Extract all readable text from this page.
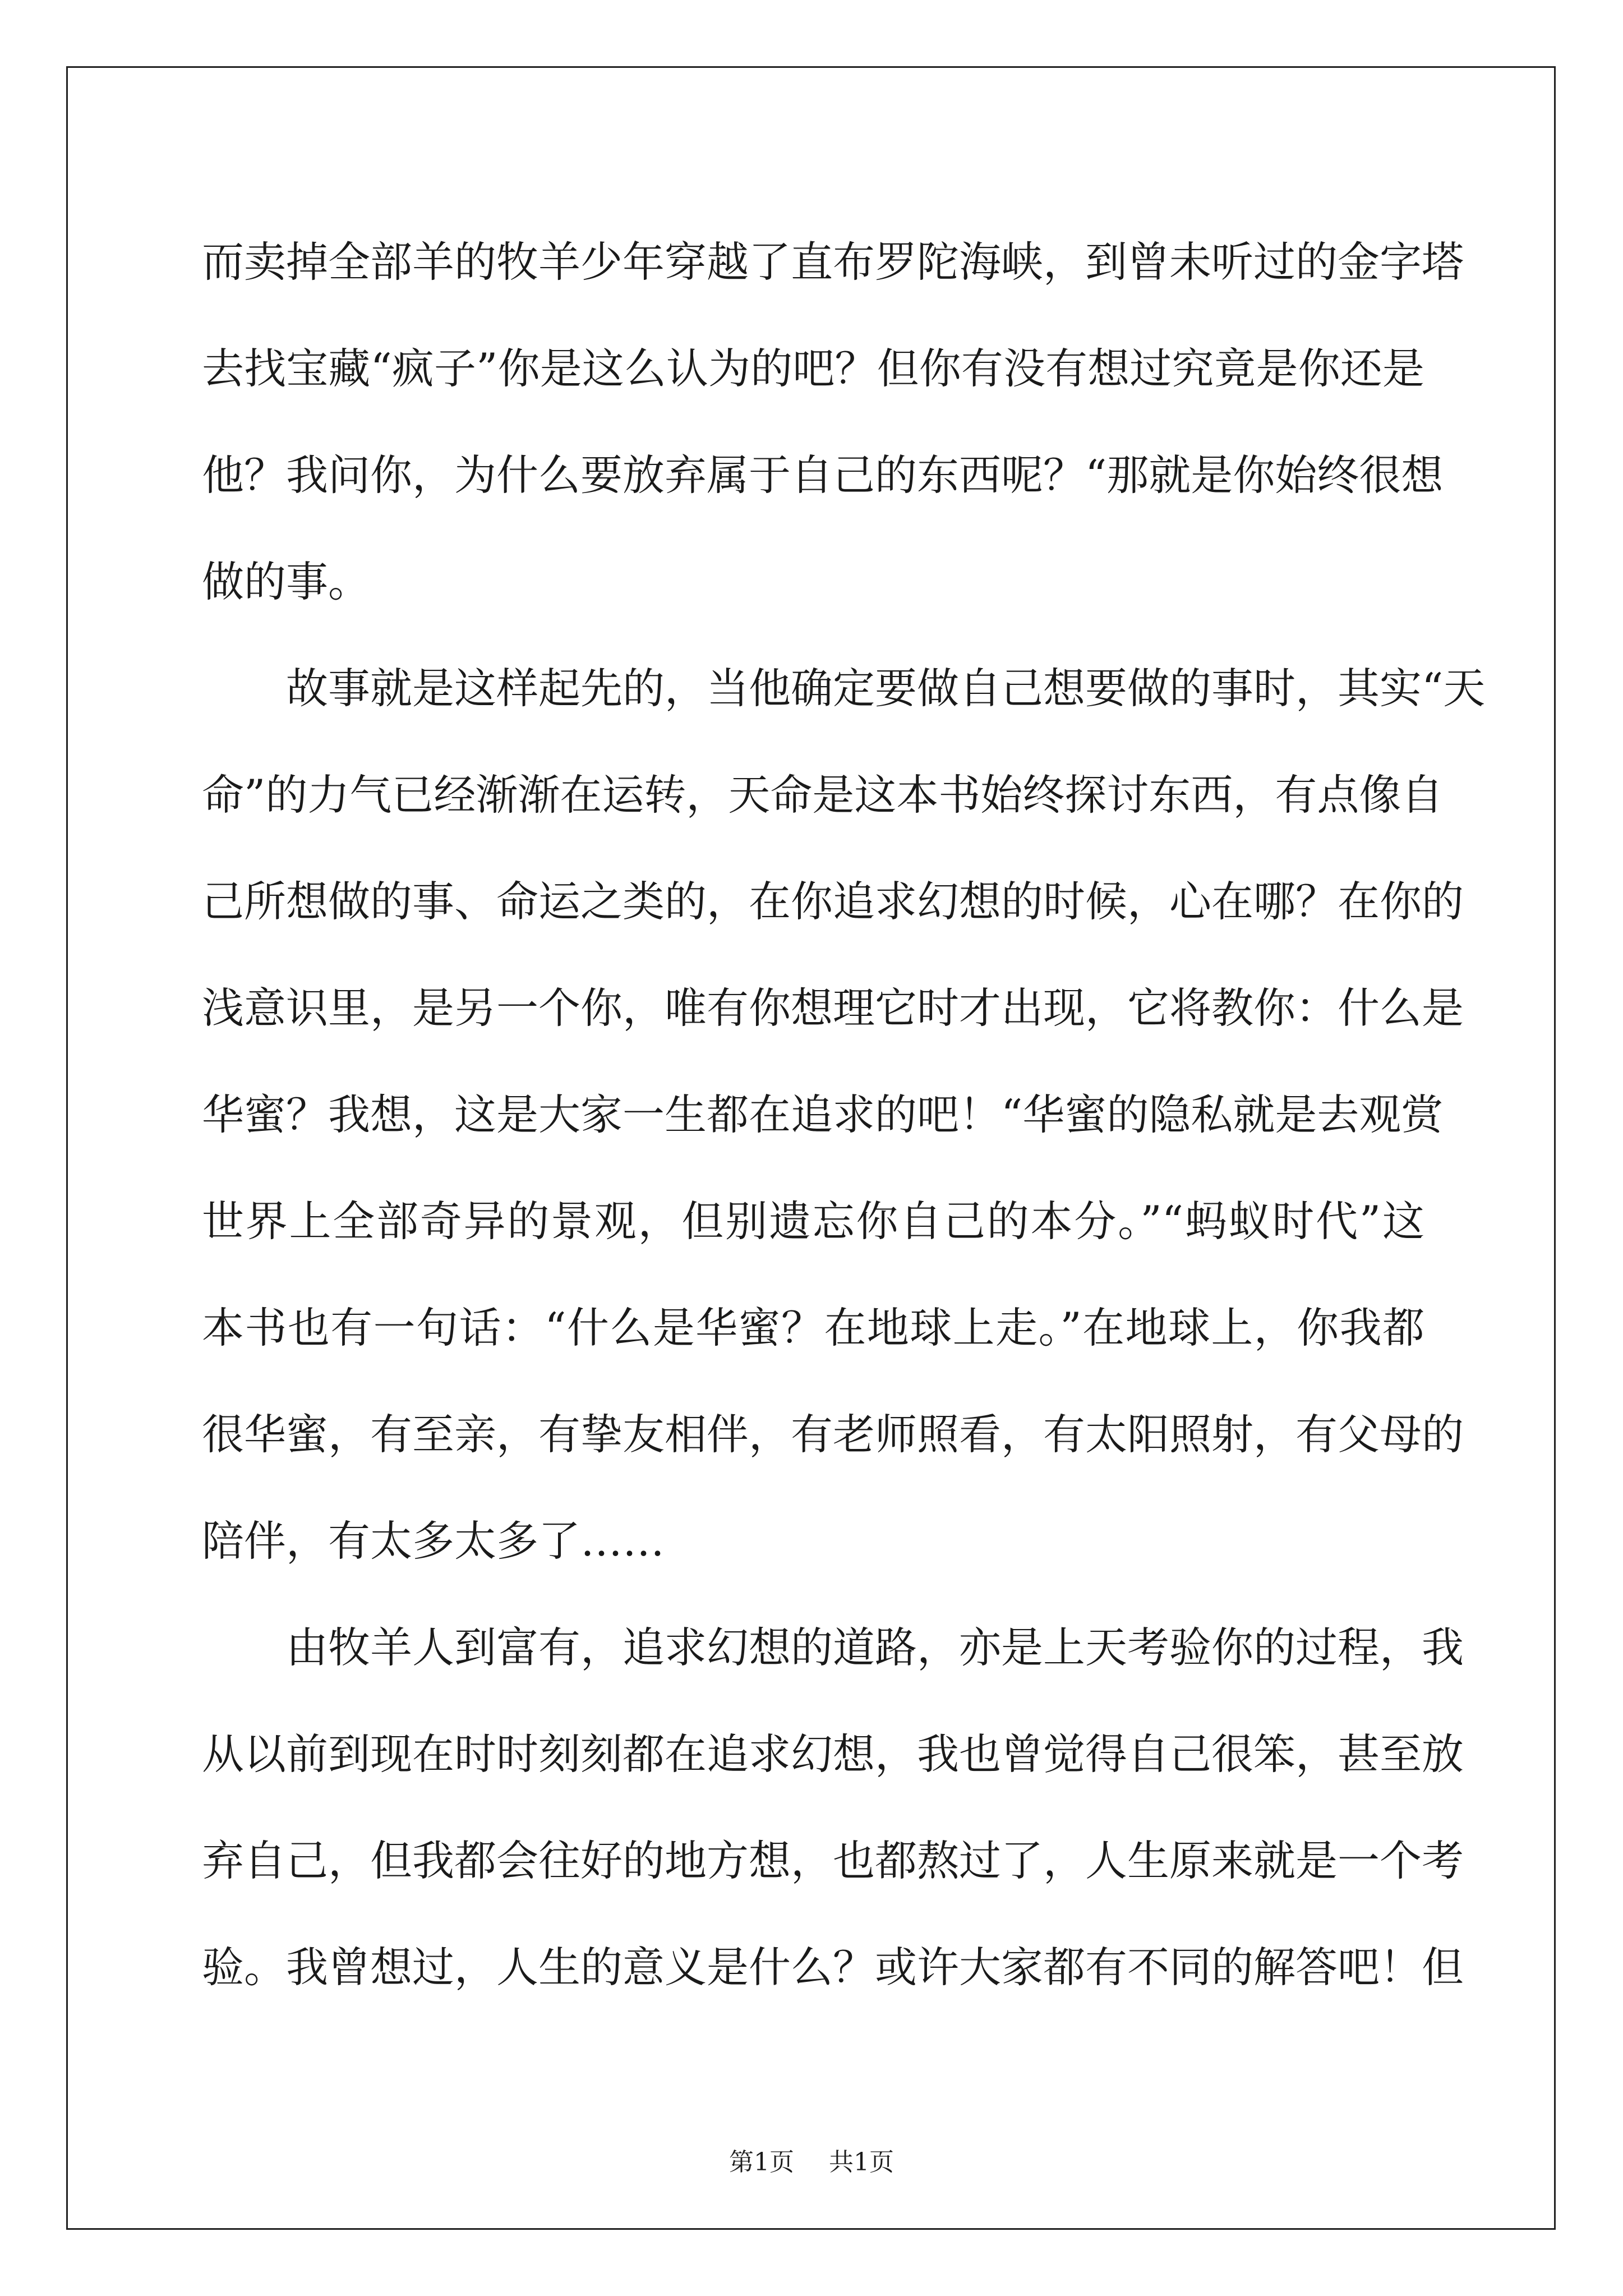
而卖掉全部羊的牧羊少年穿越了直布罗陀海峡，到曾未听过的金字塔
去找宝藏“疯子”你是这么认为的吧？但你有没有想过究竟是你还是
他？我问你，为什么要放弃属于自己的东西呢？“那就是你始终很想
做的事。
故事就是这样起先的，当他确定要做自己想要做的事时，其实“天
命”的力气已经渐渐在运转，天命是这本书始终探讨东西，有点像自
己所想做的事、命运之类的，在你追求幻想的时候，心在哪？在你的
浅意识里，是另一个你，唯有你想理它时才出现，它将教你：什么是
华蜜？我想，这是大家一生都在追求的吧！“华蜜的隐私就是去观赏
世界上全部奇异的景观，但别遗忘你自己的本分。”“蚂蚁时代”这
本书也有一句话：“什么是华蜜？在地球上走。”在地球上，你我都
很华蜜，有至亲，有挚友相伴，有老师照看，有太阳照射，有父母的
陪伴，有太多太多了……
由牧羊人到富有，追求幻想的道路，亦是上天考验你的过程，我
从以前到现在时时刻刻都在追求幻想，我也曾觉得自己很笨，甚至放
弃自己，但我都会往好的地方想，也都熬过了，人生原来就是一个考
验。我曾想过，人生的意义是什么？或许大家都有不同的解答吧！但
第1页 共1页
